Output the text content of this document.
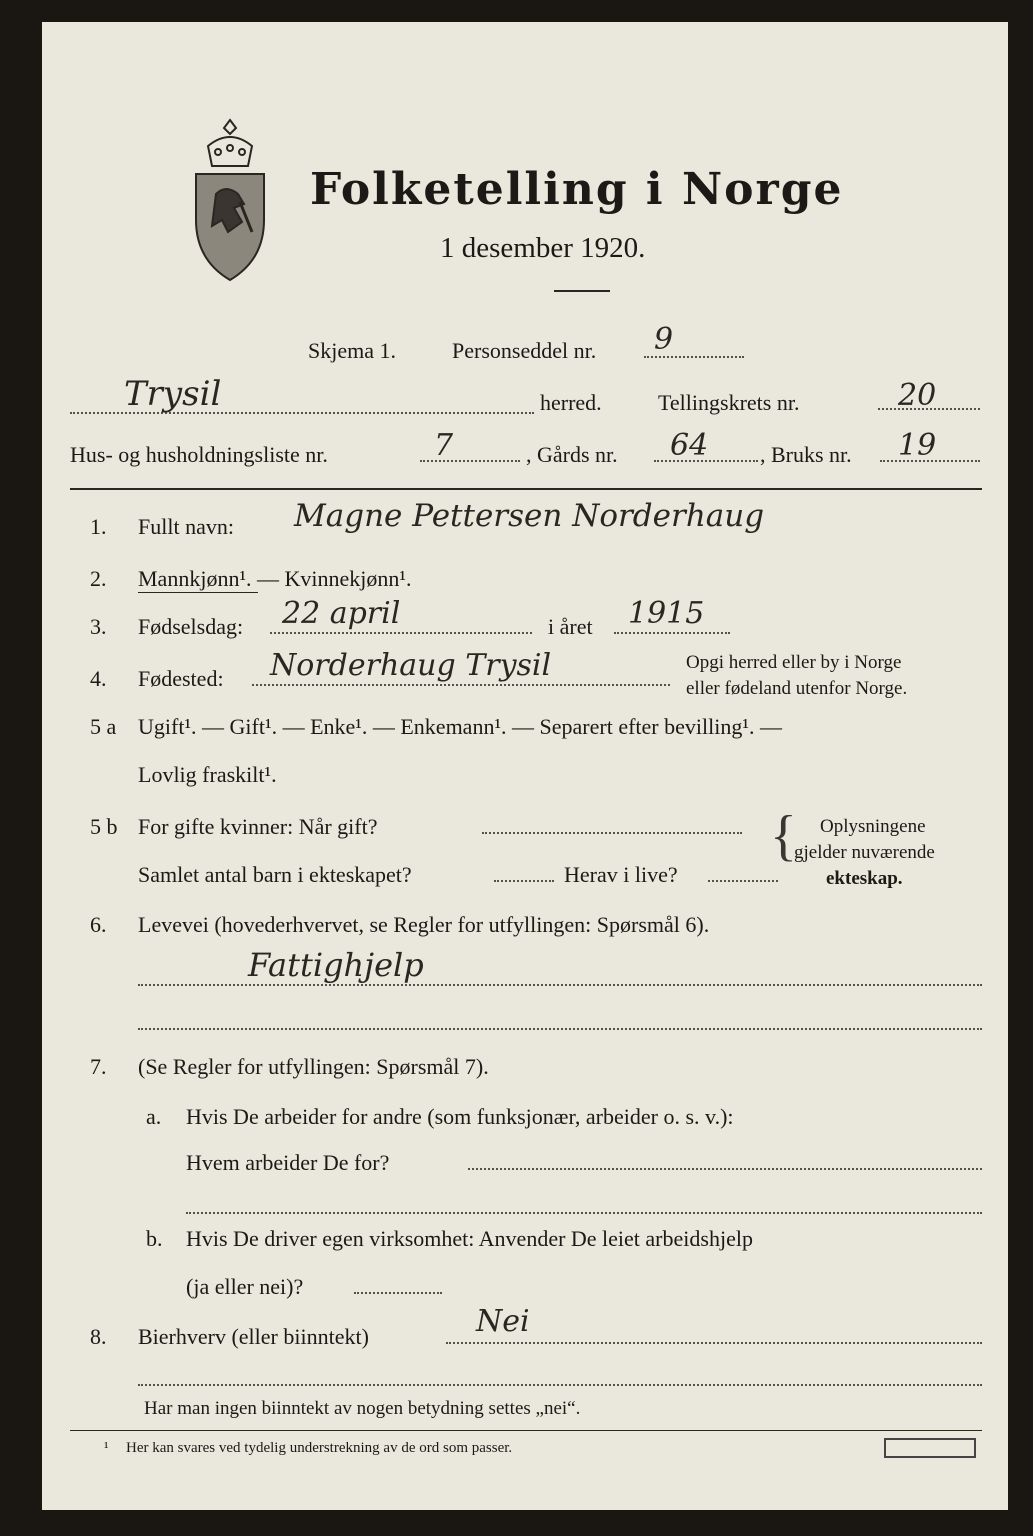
Folketelling i Norge
1 desember 1920.
Skjema 1.	Personseddel nr. 9
Trysil	herred.	Tellingskrets nr.	20
Hus- og husholdningsliste nr.	7	, Gårds nr. 64 , Bruks nr. 19
1. Fullt navn: Magne Pettersen Norderhaug
2. Mannkjønn¹. — Kvinnekjønn¹.
3. Fødselsdag: 22 april	i året 1915
4. Fødested: Norderhaug Trysil	Opgi herred eller by i Norge
eller fødeland utenfor Norge.
5 a Ugift¹. — Gift¹. — Enke¹. — Enkemann¹. — Separert efter bevilling¹. —
Lovlig fraskilt¹.
5 b For gifte kvinner: Når gift?
Samlet antal barn i ekteskapet?	Herav i live?
{ Oplysningene
gjelder nuværende
ekteskap.
6. Levevei (hovederhvervet, se Regler for utfyllingen: Spørsmål 6).
Fattighjelp
7. (Se Regler for utfyllingen: Spørsmål 7).
a. Hvis De arbeider for andre (som funksjonær, arbeider o. s. v.):
Hvem arbeider De for?
b. Hvis De driver egen virksomhet: Anvender De leiet arbeidshjelp
(ja eller nei)?
8. Bierhverv (eller biinntekt)	Nei
Har man ingen biinntekt av nogen betydning settes „nei“.
¹ Her kan svares ved tydelig understrekning av de ord som passer.
